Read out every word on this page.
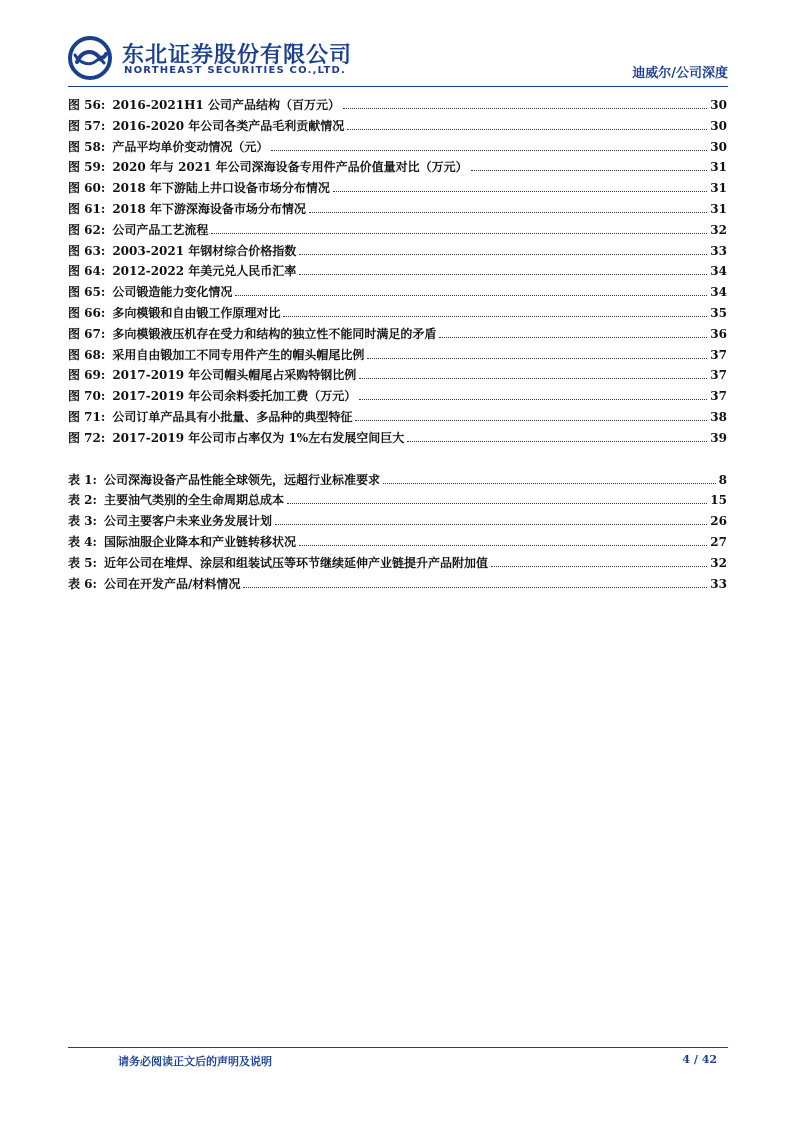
东北证券股份有限公司
NORTHEAST SECURITIES CO.,LTD.	迪威尔/公司深度
图 56: 2016-2021H1 公司产品结构（百万元）	30
图 57: 2016-2020 年公司各类产品毛利贡献情况	30
图 58: 产品平均单价变动情况（元）	30
图 59: 2020 年与 2021 年公司深海设备专用件产品价值量对比（万元）	31
图 60: 2018 年下游陆上井口设备市场分布情况	31
图 61: 2018 年下游深海设备市场分布情况	31
图 62: 公司产品工艺流程	32
图 63: 2003-2021 年钢材综合价格指数	33
图 64: 2012-2022 年美元兑人民币汇率	34
图 65: 公司锻造能力变化情况	34
图 66: 多向模锻和自由锻工作原理对比	35
图 67: 多向模锻液压机存在受力和结构的独立性不能同时满足的矛盾	36
图 68: 采用自由锻加工不同专用件产生的帽头帽尾比例	37
图 69: 2017-2019 年公司帽头帽尾占采购特钢比例	37
图 70: 2017-2019 年公司余料委托加工费（万元）	37
图 71: 公司订单产品具有小批量、多品种的典型特征	38
图 72: 2017-2019 年公司市占率仅为 1%左右发展空间巨大	39
表 1: 公司深海设备产品性能全球领先，远超行业标准要求	8
表 2: 主要油气类别的全生命周期总成本	15
表 3: 公司主要客户未来业务发展计划	26
表 4: 国际油服企业降本和产业链转移状况	27
表 5: 近年公司在堆焊、涂层和组装试压等环节继续延伸产业链提升产品附加值	32
表 6: 公司在开发产品/材料情况	33
请务必阅读正文后的声明及说明	4 / 42
